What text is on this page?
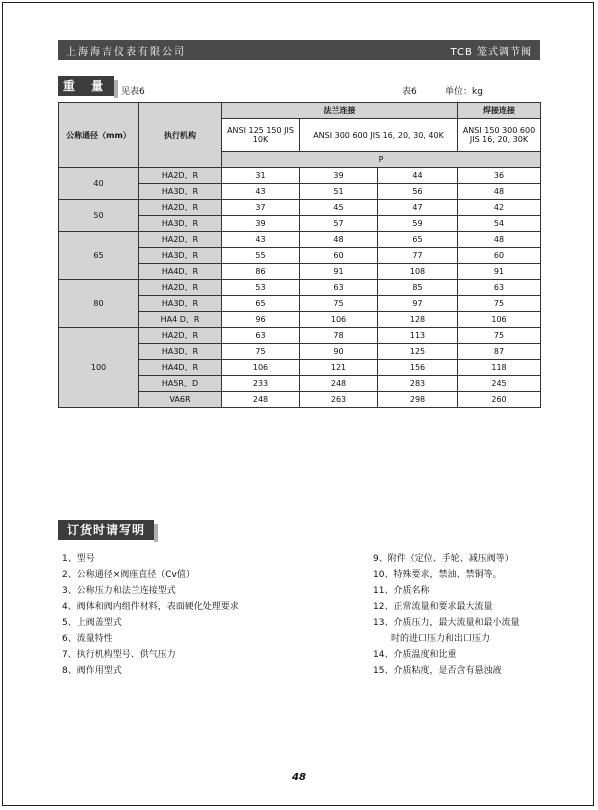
上海海吉仪表有限公司	TCB 笼式调节阀
重 量	见表6	表6	单位：kg
公称通径（mm）	执行机构	法兰连接			焊接连接
		ANSI 125 150 JIS 10K	ANSI 300 600 JIS 16, 20, 30, 40K		ANSI 150 300 600 JIS 16, 20, 30K
		P			
40	HA2D、R	31	39	44	36
	HA3D、R	43	51	56	48
50	HA2D、R	37	45	47	42
	HA3D、R	39	57	59	54
65	HA2D、R	43	48	65	48
	HA3D、R	55	60	77	60
	HA4D、R	86	91	108	91
80	HA2D、R	53	63	85	63
	HA3D、R	65	75	97	75
	HA4 D、R	96	106	128	106
100	HA2D、R	63	78	113	75
	HA3D、R	75	90	125	87
	HA4D、R	106	121	156	118
	HA5R、D	233	248	283	245
	VA6R	248	263	298	260
订货时请写明
1、型号
2、公称通径×阀座直径（Cv值）
3、公称压力和法兰连接型式
4、阀体和阀内组件材料，表面硬化处理要求
5、上阀盖型式
6、流量特性
7、执行机构型号、供气压力
8、阀作用型式
9、附件（定位、手轮、减压阀等）
10、特殊要求，禁油、禁铜等。
11、介质名称
12、正常流量和要求最大流量
13、介质压力，最大流量和最小流量
　　时的进口压力和出口压力
14、介质温度和比重
15、介质粘度，是否含有悬浊液
48
